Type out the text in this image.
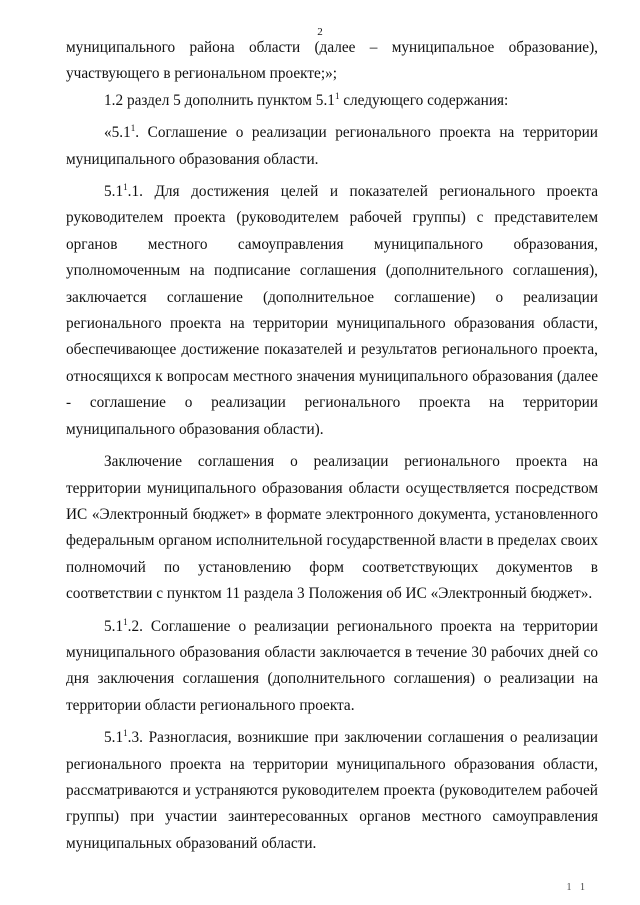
2

муниципального района области (далее – муниципальное образование), участвующего в региональном проекте;»;

1.2 раздел 5 дополнить пунктом $5.1^1$ следующего содержания:

«$5.1^1$. Соглашение о реализации регионального проекта на территории муниципального образования области.

$5.1^1.1$. Для достижения целей и показателей регионального проекта руководителем проекта (руководителем рабочей группы) с представителем органов местного самоуправления муниципального образования, уполномоченным на подписание соглашения (дополнительного соглашения), заключается соглашение (дополнительное соглашение) о реализации регионального проекта на территории муниципального образования области, обеспечивающее достижение показателей и результатов регионального проекта, относящихся к вопросам местного значения муниципального образования (далее - соглашение о реализации регионального проекта на территории муниципального образования области).

Заключение соглашения о реализации регионального проекта на территории муниципального образования области осуществляется посредством ИС «Электронный бюджет» в формате электронного документа, установленного федеральным органом исполнительной государственной власти в пределах своих полномочий по установлению форм соответствующих документов в соответствии с пунктом 11 раздела 3 Положения об ИС «Электронный бюджет».

$5.1^1.2$. Соглашение о реализации регионального проекта на территории муниципального образования области заключается в течение 30 рабочих дней со дня заключения соглашения (дополнительного соглашения) о реализации на территории области регионального проекта.

$5.1^1.3$. Разногласия, возникшие при заключении соглашения о реализации регионального проекта на территории муниципального образования области, рассматриваются и устраняются руководителем проекта (руководителем рабочей группы) при участии заинтересованных органов местного самоуправления муниципальных образований области.

1 1
